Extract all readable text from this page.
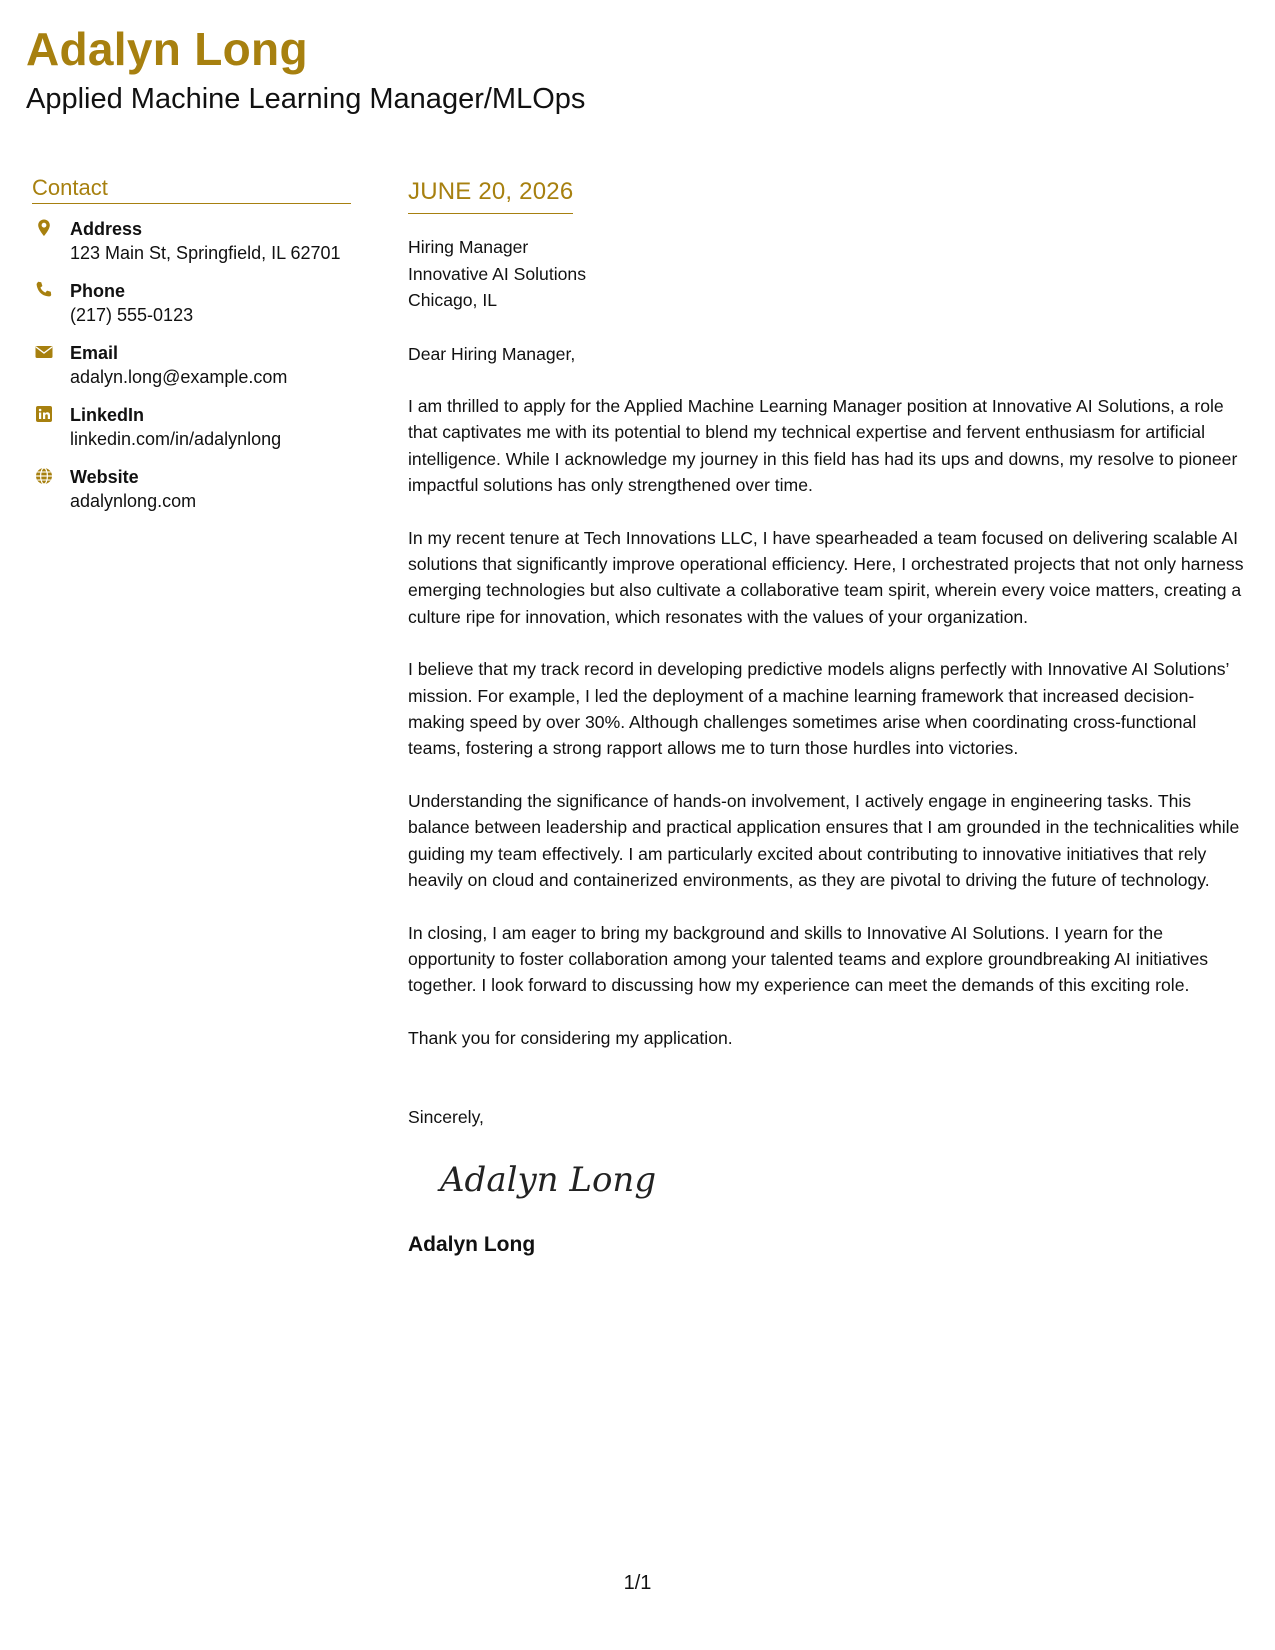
Adalyn Long
Applied Machine Learning Manager/MLOps
Contact
Address
123 Main St, Springfield, IL 62701
Phone
(217) 555-0123
Email
adalyn.long@example.com
LinkedIn
linkedin.com/in/adalynlong
Website
adalynlong.com
JUNE 20, 2026
Hiring Manager
Innovative AI Solutions
Chicago, IL
Dear Hiring Manager,
I am thrilled to apply for the Applied Machine Learning Manager position at Innovative AI Solutions, a role that captivates me with its potential to blend my technical expertise and fervent enthusiasm for artificial intelligence. While I acknowledge my journey in this field has had its ups and downs, my resolve to pioneer impactful solutions has only strengthened over time.
In my recent tenure at Tech Innovations LLC, I have spearheaded a team focused on delivering scalable AI solutions that significantly improve operational efficiency. Here, I orchestrated projects that not only harness emerging technologies but also cultivate a collaborative team spirit, wherein every voice matters, creating a culture ripe for innovation, which resonates with the values of your organization.
I believe that my track record in developing predictive models aligns perfectly with Innovative AI Solutions’ mission. For example, I led the deployment of a machine learning framework that increased decision-making speed by over 30%. Although challenges sometimes arise when coordinating cross-functional teams, fostering a strong rapport allows me to turn those hurdles into victories.
Understanding the significance of hands-on involvement, I actively engage in engineering tasks. This balance between leadership and practical application ensures that I am grounded in the technicalities while guiding my team effectively. I am particularly excited about contributing to innovative initiatives that rely heavily on cloud and containerized environments, as they are pivotal to driving the future of technology.
In closing, I am eager to bring my background and skills to Innovative AI Solutions. I yearn for the opportunity to foster collaboration among your talented teams and explore groundbreaking AI initiatives together. I look forward to discussing how my experience can meet the demands of this exciting role.
Thank you for considering my application.
Sincerely,
Adalyn Long
Adalyn Long
1/1
